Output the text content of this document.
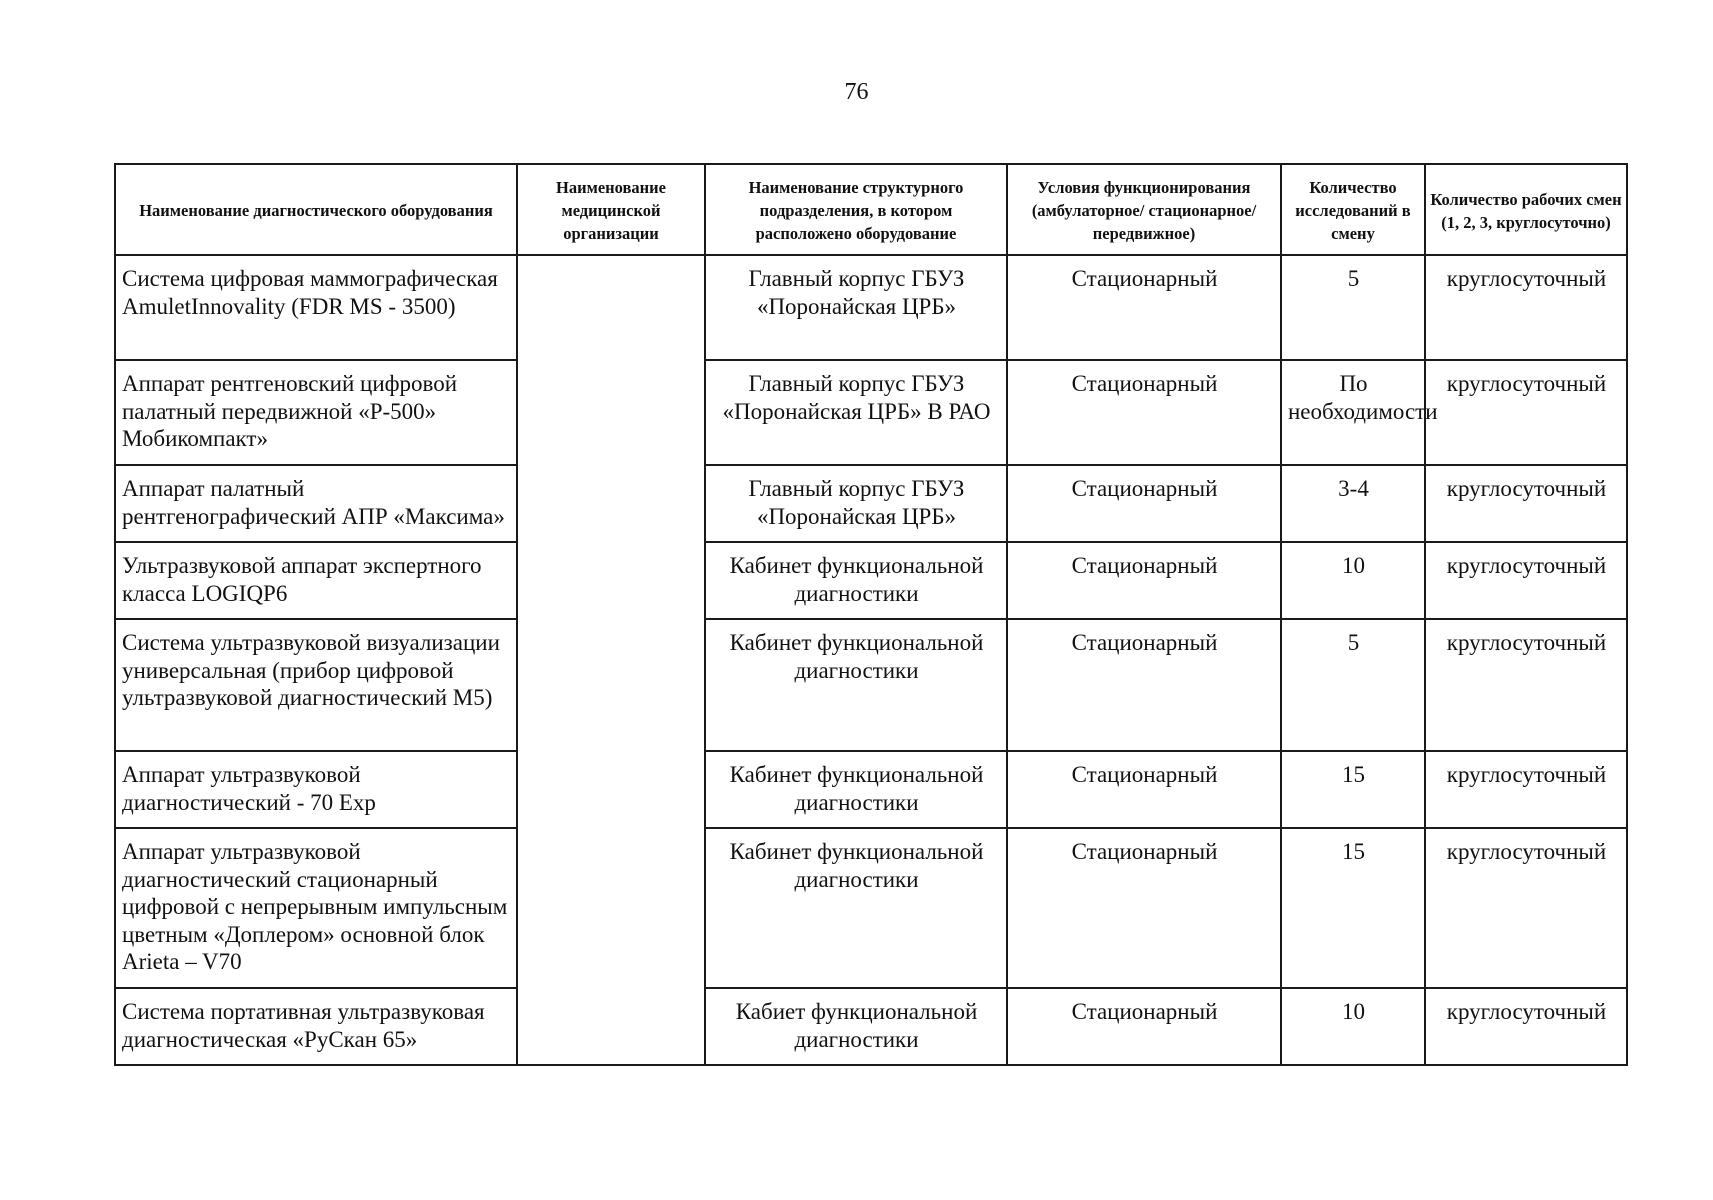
76
Наименование диагностического оборудования	Наименование медицинской организации	Наименование структурного подразделения, в котором расположено оборудование	Условия функционирования (амбулаторное/ стационарное/передвижное)	Количество исследований в смену	Количество рабочих смен (1, 2, 3, круглосуточно)
Система цифровая маммографическая AmuletInnovality (FDR MS - 3500)		Главный корпус ГБУЗ «Поронайская ЦРБ»	Стационарный	5	круглосуточный
Аппарат рентгеновский цифровой палатный передвижной «Р-500» Мобикомпакт»		Главный корпус ГБУЗ «Поронайская ЦРБ» В РАО	Стационарный	По необходимости	круглосуточный
Аппарат палатный рентгенографический АПР «Максима»		Главный корпус ГБУЗ «Поронайская ЦРБ»	Стационарный	3-4	круглосуточный
Ультразвуковой аппарат экспертного класса LOGIQP6		Кабинет функциональной диагностики	Стационарный	10	круглосуточный
Система ультразвуковой визуализации универсальная (прибор цифровой ультразвуковой диагностический М5)		Кабинет функциональной диагностики	Стационарный	5	круглосуточный
Аппарат ультразвуковой диагностический - 70 Exp		Кабинет функциональной диагностики	Стационарный	15	круглосуточный
Аппарат ультразвуковой диагностический стационарный цифровой с непрерывным импульсным цветным «Доплером» основной блок Arieta – V70		Кабинет функциональной диагностики	Стационарный	15	круглосуточный
Система портативная ультразвуковая диагностическая «РуСкан 65»		Кабиeт функциональной диагностики	Стационарный	10	круглосуточный
